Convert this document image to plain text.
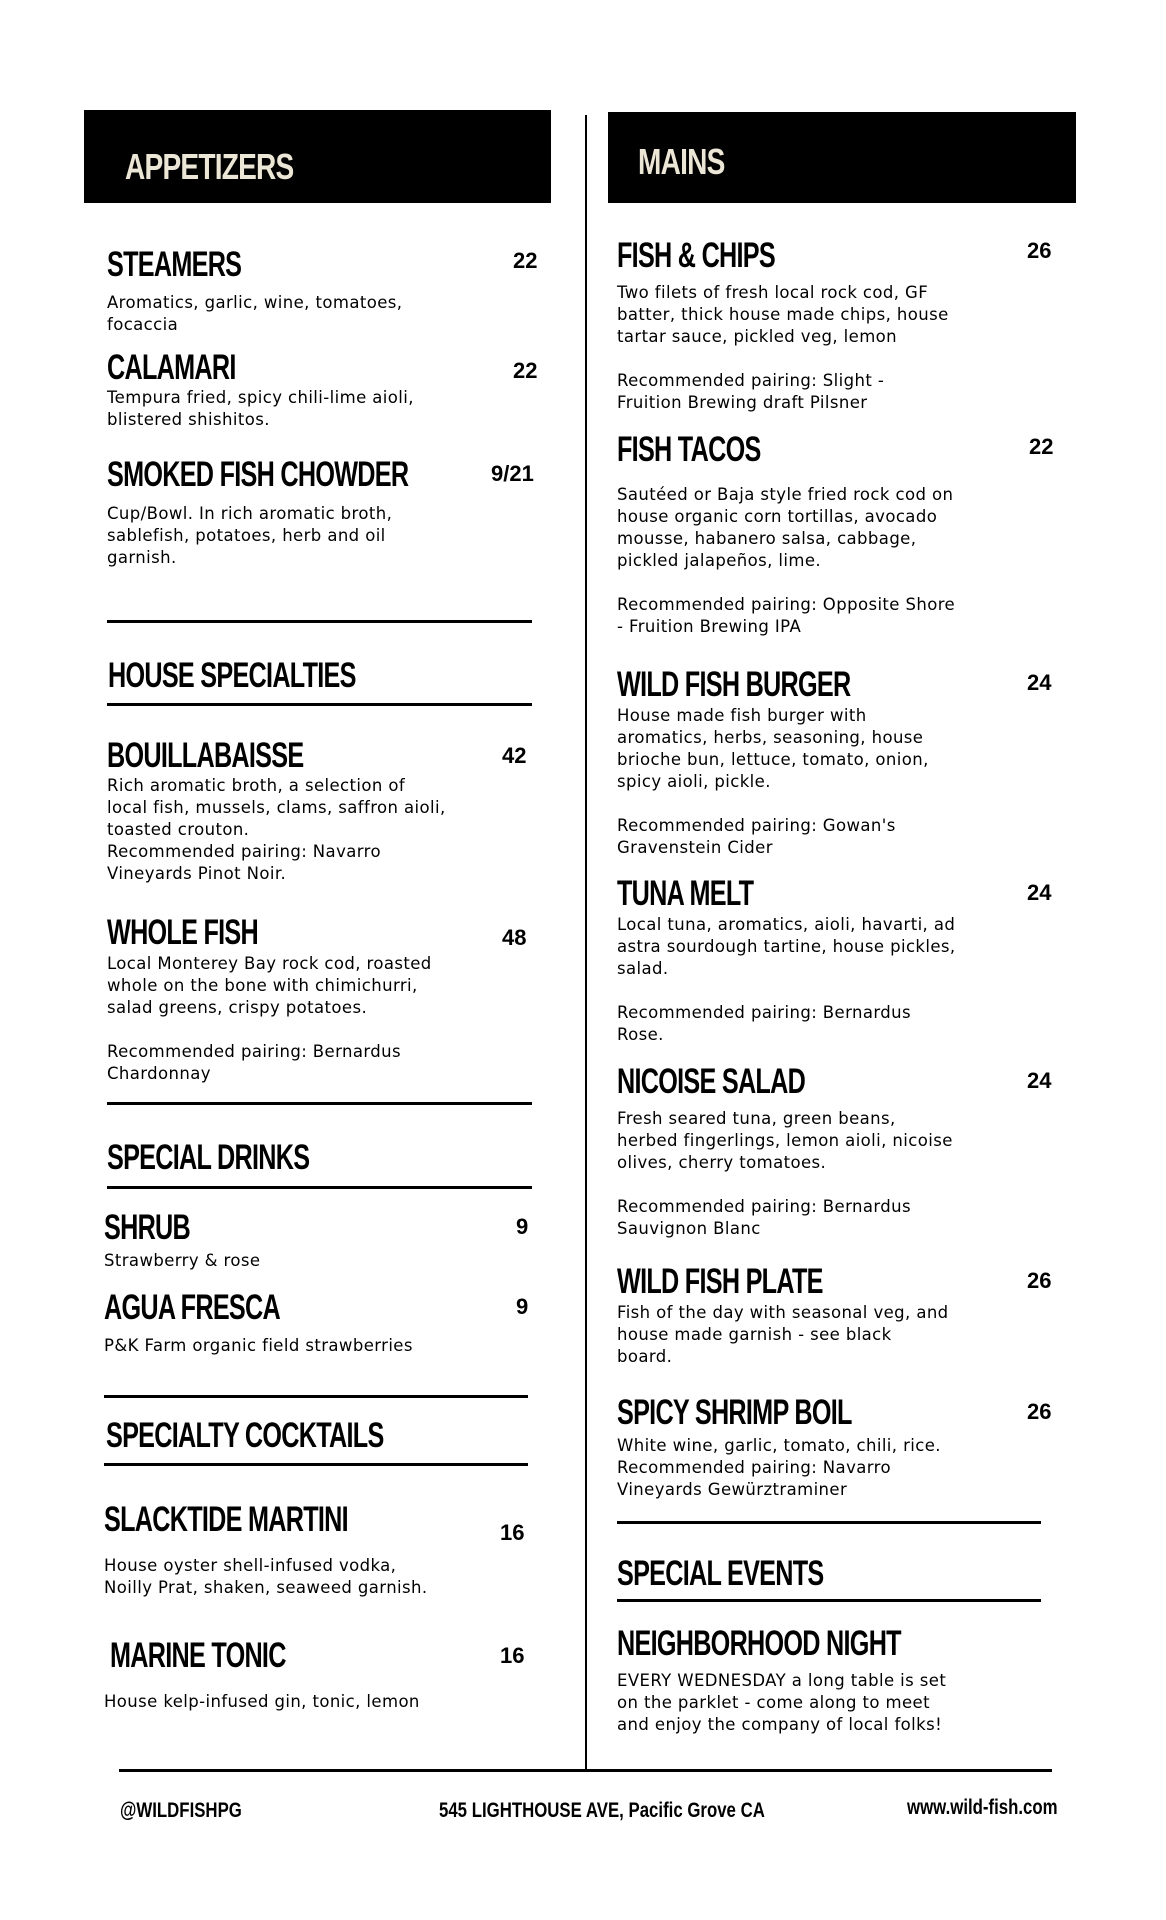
APPETIZERS	MAINS
STEAMERS	22
Aromatics, garlic, wine, tomatoes,
focaccia
CALAMARI	22
Tempura fried, spicy chili-lime aioli,
blistered shishitos.
SMOKED FISH CHOWDER	9/21
Cup/Bowl. In rich aromatic broth,
sablefish, potatoes, herb and oil
garnish.
HOUSE SPECIALTIES
BOUILLABAISSE	42
Rich aromatic broth, a selection of
local fish, mussels, clams, saffron aioli,
toasted crouton.
Recommended pairing: Navarro
Vineyards Pinot Noir.
WHOLE FISH	48
Local Monterey Bay rock cod, roasted
whole on the bone with chimichurri,
salad greens, crispy potatoes.

Recommended pairing: Bernardus
Chardonnay
SPECIAL DRINKS
SHRUB	9
Strawberry & rose
AGUA FRESCA	9
P&K Farm organic field strawberries
SPECIALTY COCKTAILS
SLACKTIDE MARTINI	16
House oyster shell-infused vodka,
Noilly Prat, shaken, seaweed garnish.
MARINE TONIC	16
House kelp-infused gin, tonic, lemon
FISH & CHIPS	26
Two filets of fresh local rock cod, GF
batter, thick house made chips, house
tartar sauce, pickled veg, lemon

Recommended pairing: Slight -
Fruition Brewing draft Pilsner
FISH TACOS	22
Sautéed or Baja style fried rock cod on
house organic corn tortillas, avocado
mousse, habanero salsa, cabbage,
pickled jalapeños, lime.

Recommended pairing: Opposite Shore
- Fruition Brewing IPA
WILD FISH BURGER	24
House made fish burger with
aromatics, herbs, seasoning, house
brioche bun, lettuce, tomato, onion,
spicy aioli, pickle.

Recommended pairing: Gowan's
Gravenstein Cider
TUNA MELT	24
Local tuna, aromatics, aioli, havarti, ad
astra sourdough tartine, house pickles,
salad.

Recommended pairing: Bernardus
Rose.
NICOISE SALAD	24
Fresh seared tuna, green beans,
herbed fingerlings, lemon aioli, nicoise
olives, cherry tomatoes.

Recommended pairing: Bernardus
Sauvignon Blanc
WILD FISH PLATE	26
Fish of the day with seasonal veg, and
house made garnish - see black
board.
SPICY SHRIMP BOIL	26
White wine, garlic, tomato, chili, rice.
Recommended pairing: Navarro
Vineyards Gewürztraminer
SPECIAL EVENTS
NEIGHBORHOOD NIGHT
EVERY WEDNESDAY a long table is set
on the parklet - come along to meet
and enjoy the company of local folks!
@WILDFISHPG	545 LIGHTHOUSE AVE, Pacific Grove CA	www.wild-fish.com
